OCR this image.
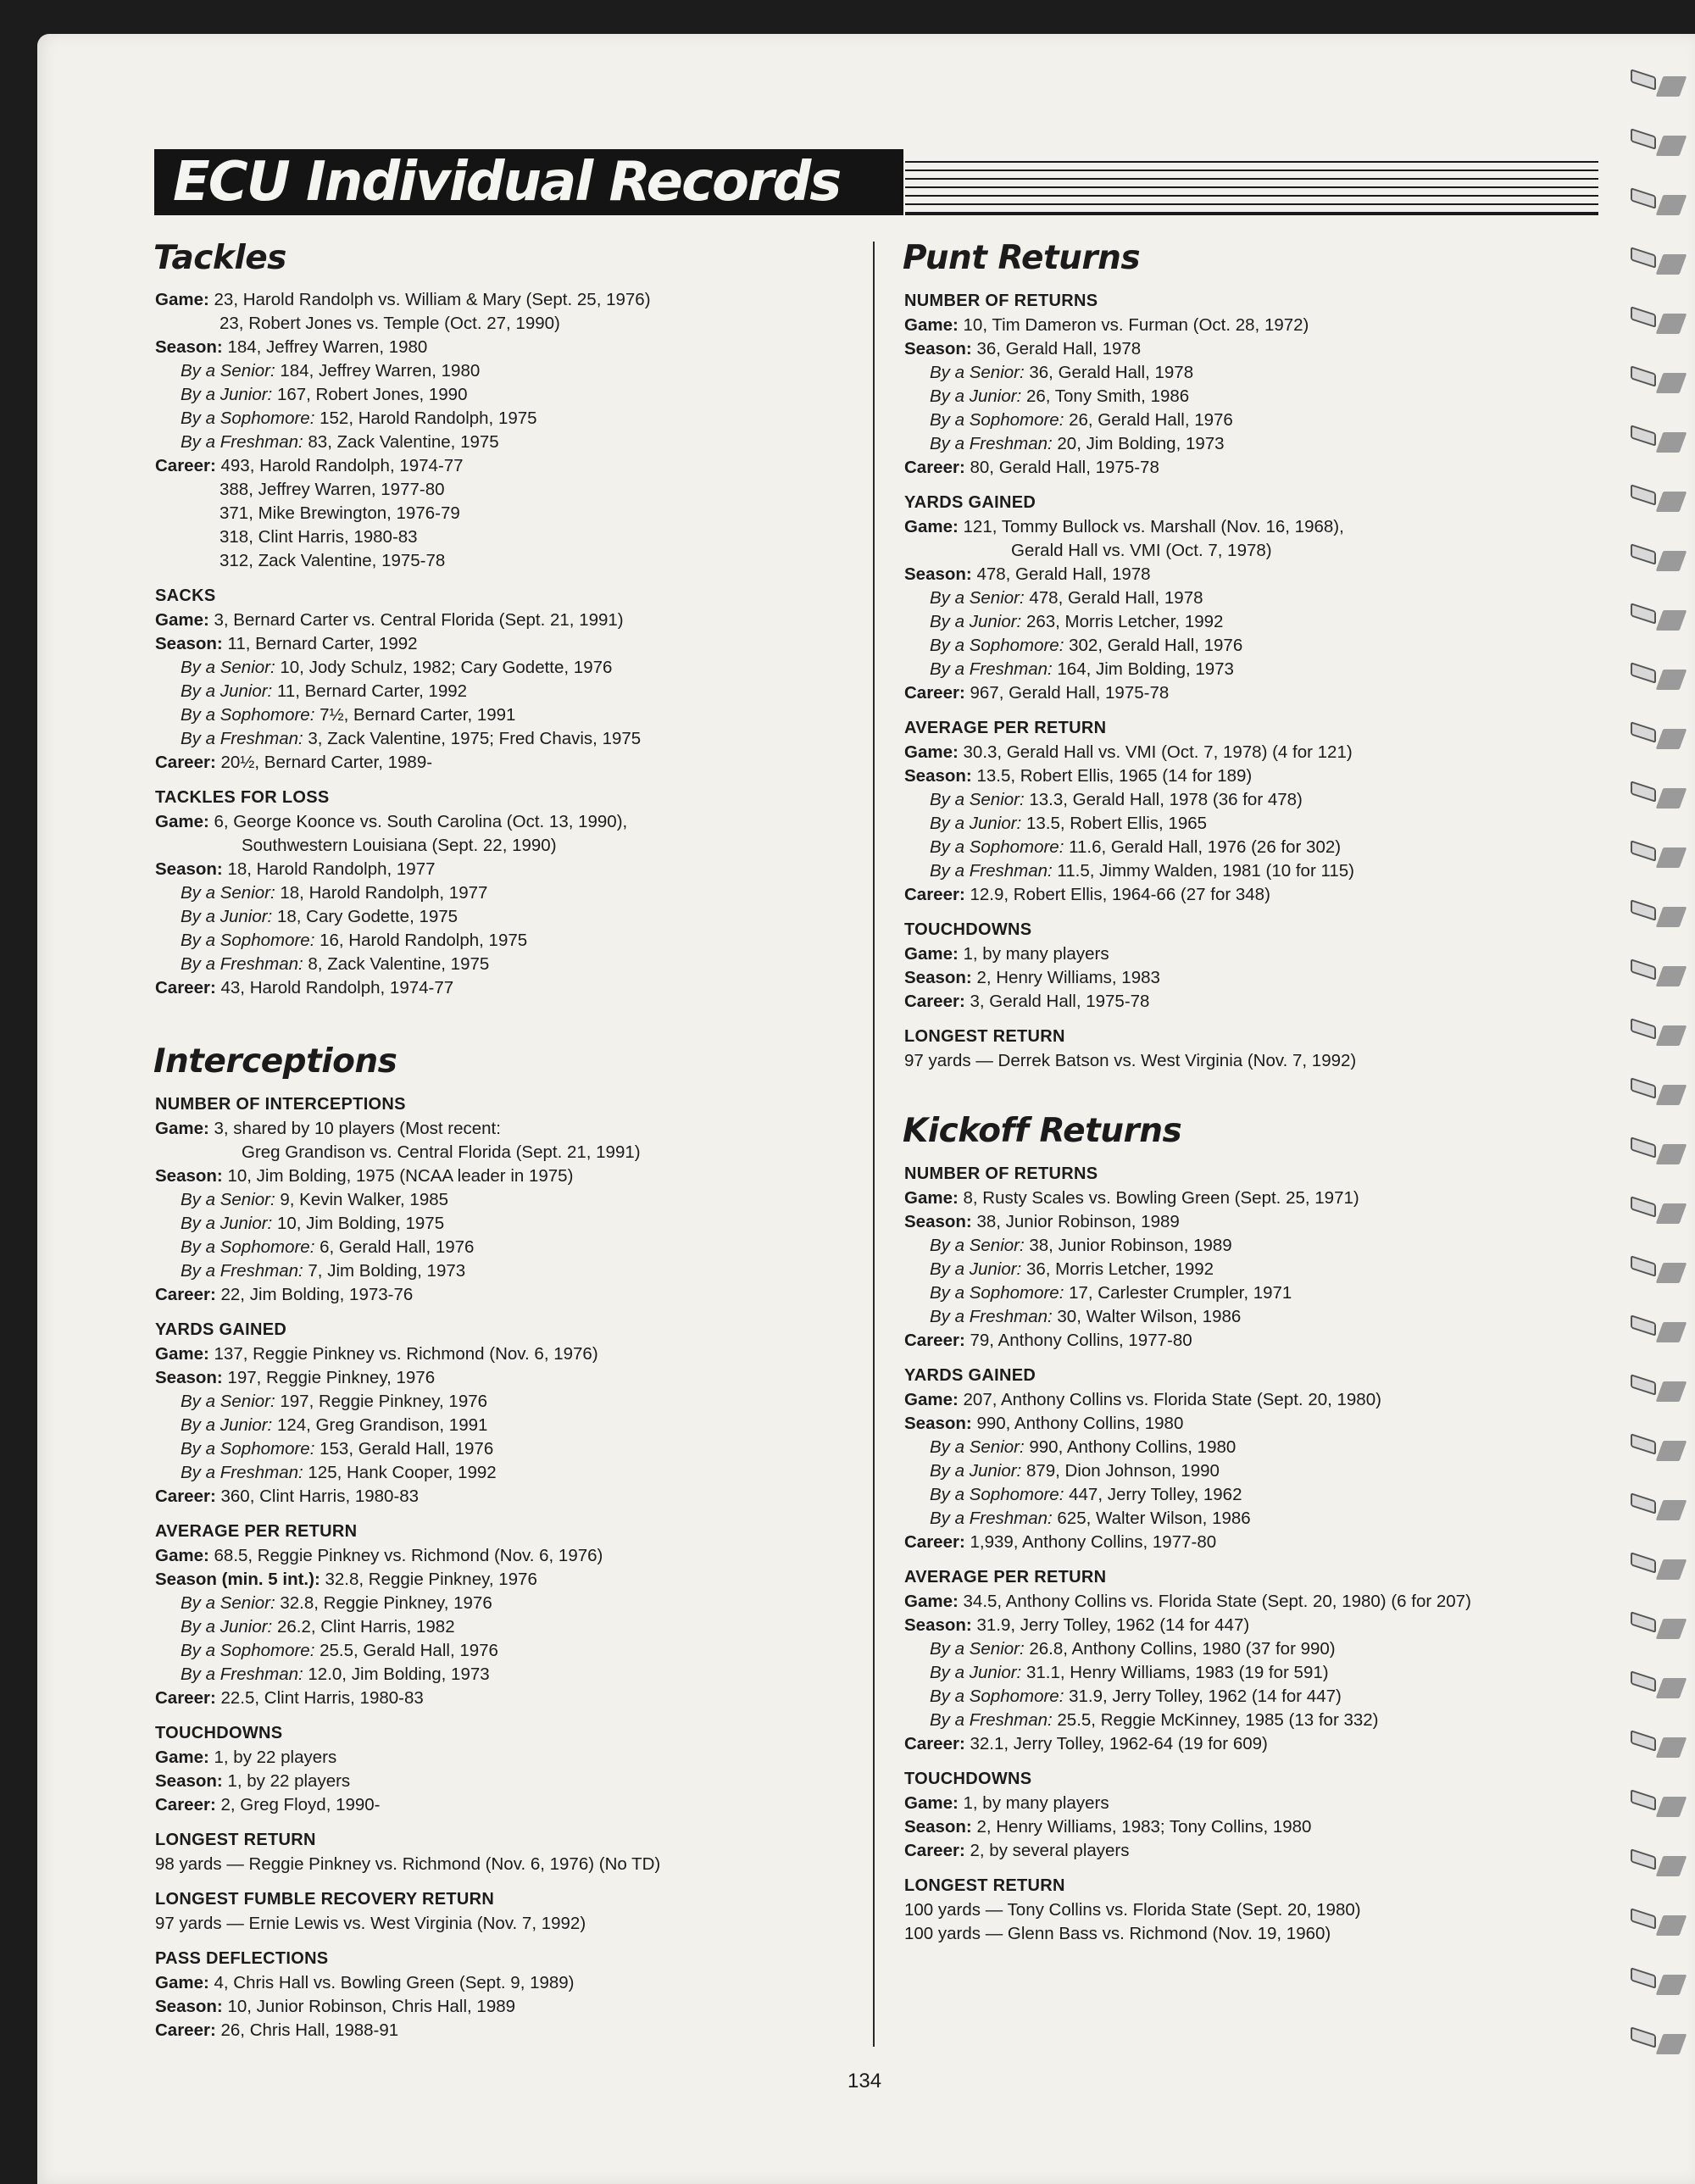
ECU Individual Records
Tackles
Game: 23, Harold Randolph vs. William & Mary (Sept. 25, 1976)
23, Robert Jones vs. Temple (Oct. 27, 1990)
Season: 184, Jeffrey Warren, 1980
By a Senior: 184, Jeffrey Warren, 1980
By a Junior: 167, Robert Jones, 1990
By a Sophomore: 152, Harold Randolph, 1975
By a Freshman: 83, Zack Valentine, 1975
Career: 493, Harold Randolph, 1974-77
388, Jeffrey Warren, 1977-80
371, Mike Brewington, 1976-79
318, Clint Harris, 1980-83
312, Zack Valentine, 1975-78
SACKS
Game: 3, Bernard Carter vs. Central Florida (Sept. 21, 1991)
Season: 11, Bernard Carter, 1992
By a Senior: 10, Jody Schulz, 1982; Cary Godette, 1976
By a Junior: 11, Bernard Carter, 1992
By a Sophomore: 7½, Bernard Carter, 1991
By a Freshman: 3, Zack Valentine, 1975; Fred Chavis, 1975
Career: 20½, Bernard Carter, 1989-
TACKLES FOR LOSS
Game: 6, George Koonce vs. South Carolina (Oct. 13, 1990),
Southwestern Louisiana (Sept. 22, 1990)
Season: 18, Harold Randolph, 1977
By a Senior: 18, Harold Randolph, 1977
By a Junior: 18, Cary Godette, 1975
By a Sophomore: 16, Harold Randolph, 1975
By a Freshman: 8, Zack Valentine, 1975
Career: 43, Harold Randolph, 1974-77
Interceptions
NUMBER OF INTERCEPTIONS
Game: 3, shared by 10 players (Most recent:
Greg Grandison vs. Central Florida (Sept. 21, 1991)
Season: 10, Jim Bolding, 1975 (NCAA leader in 1975)
By a Senior: 9, Kevin Walker, 1985
By a Junior: 10, Jim Bolding, 1975
By a Sophomore: 6, Gerald Hall, 1976
By a Freshman: 7, Jim Bolding, 1973
Career: 22, Jim Bolding, 1973-76
YARDS GAINED
Game: 137, Reggie Pinkney vs. Richmond (Nov. 6, 1976)
Season: 197, Reggie Pinkney, 1976
By a Senior: 197, Reggie Pinkney, 1976
By a Junior: 124, Greg Grandison, 1991
By a Sophomore: 153, Gerald Hall, 1976
By a Freshman: 125, Hank Cooper, 1992
Career: 360, Clint Harris, 1980-83
AVERAGE PER RETURN
Game: 68.5, Reggie Pinkney vs. Richmond (Nov. 6, 1976)
Season (min. 5 int.): 32.8, Reggie Pinkney, 1976
By a Senior: 32.8, Reggie Pinkney, 1976
By a Junior: 26.2, Clint Harris, 1982
By a Sophomore: 25.5, Gerald Hall, 1976
By a Freshman: 12.0, Jim Bolding, 1973
Career: 22.5, Clint Harris, 1980-83
TOUCHDOWNS
Game: 1, by 22 players
Season: 1, by 22 players
Career: 2, Greg Floyd, 1990-
LONGEST RETURN
98 yards — Reggie Pinkney vs. Richmond (Nov. 6, 1976) (No TD)
LONGEST FUMBLE RECOVERY RETURN
97 yards — Ernie Lewis vs. West Virginia (Nov. 7, 1992)
PASS DEFLECTIONS
Game: 4, Chris Hall vs. Bowling Green (Sept. 9, 1989)
Season: 10, Junior Robinson, Chris Hall, 1989
Career: 26, Chris Hall, 1988-91
Punt Returns
NUMBER OF RETURNS
Game: 10, Tim Dameron vs. Furman (Oct. 28, 1972)
Season: 36, Gerald Hall, 1978
By a Senior: 36, Gerald Hall, 1978
By a Junior: 26, Tony Smith, 1986
By a Sophomore: 26, Gerald Hall, 1976
By a Freshman: 20, Jim Bolding, 1973
Career: 80, Gerald Hall, 1975-78
YARDS GAINED
Game: 121, Tommy Bullock vs. Marshall (Nov. 16, 1968),
Gerald Hall vs. VMI (Oct. 7, 1978)
Season: 478, Gerald Hall, 1978
By a Senior: 478, Gerald Hall, 1978
By a Junior: 263, Morris Letcher, 1992
By a Sophomore: 302, Gerald Hall, 1976
By a Freshman: 164, Jim Bolding, 1973
Career: 967, Gerald Hall, 1975-78
AVERAGE PER RETURN
Game: 30.3, Gerald Hall vs. VMI (Oct. 7, 1978) (4 for 121)
Season: 13.5, Robert Ellis, 1965 (14 for 189)
By a Senior: 13.3, Gerald Hall, 1978 (36 for 478)
By a Junior: 13.5, Robert Ellis, 1965
By a Sophomore: 11.6, Gerald Hall, 1976 (26 for 302)
By a Freshman: 11.5, Jimmy Walden, 1981 (10 for 115)
Career: 12.9, Robert Ellis, 1964-66 (27 for 348)
TOUCHDOWNS
Game: 1, by many players
Season: 2, Henry Williams, 1983
Career: 3, Gerald Hall, 1975-78
LONGEST RETURN
97 yards — Derrek Batson vs. West Virginia (Nov. 7, 1992)
Kickoff Returns
NUMBER OF RETURNS
Game: 8, Rusty Scales vs. Bowling Green (Sept. 25, 1971)
Season: 38, Junior Robinson, 1989
By a Senior: 38, Junior Robinson, 1989
By a Junior: 36, Morris Letcher, 1992
By a Sophomore: 17, Carlester Crumpler, 1971
By a Freshman: 30, Walter Wilson, 1986
Career: 79, Anthony Collins, 1977-80
YARDS GAINED
Game: 207, Anthony Collins vs. Florida State (Sept. 20, 1980)
Season: 990, Anthony Collins, 1980
By a Senior: 990, Anthony Collins, 1980
By a Junior: 879, Dion Johnson, 1990
By a Sophomore: 447, Jerry Tolley, 1962
By a Freshman: 625, Walter Wilson, 1986
Career: 1,939, Anthony Collins, 1977-80
AVERAGE PER RETURN
Game: 34.5, Anthony Collins vs. Florida State (Sept. 20, 1980) (6 for 207)
Season: 31.9, Jerry Tolley, 1962 (14 for 447)
By a Senior: 26.8, Anthony Collins, 1980 (37 for 990)
By a Junior: 31.1, Henry Williams, 1983 (19 for 591)
By a Sophomore: 31.9, Jerry Tolley, 1962 (14 for 447)
By a Freshman: 25.5, Reggie McKinney, 1985 (13 for 332)
Career: 32.1, Jerry Tolley, 1962-64 (19 for 609)
TOUCHDOWNS
Game: 1, by many players
Season: 2, Henry Williams, 1983; Tony Collins, 1980
Career: 2, by several players
LONGEST RETURN
100 yards — Tony Collins vs. Florida State (Sept. 20, 1980)
100 yards — Glenn Bass vs. Richmond (Nov. 19, 1960)
134
